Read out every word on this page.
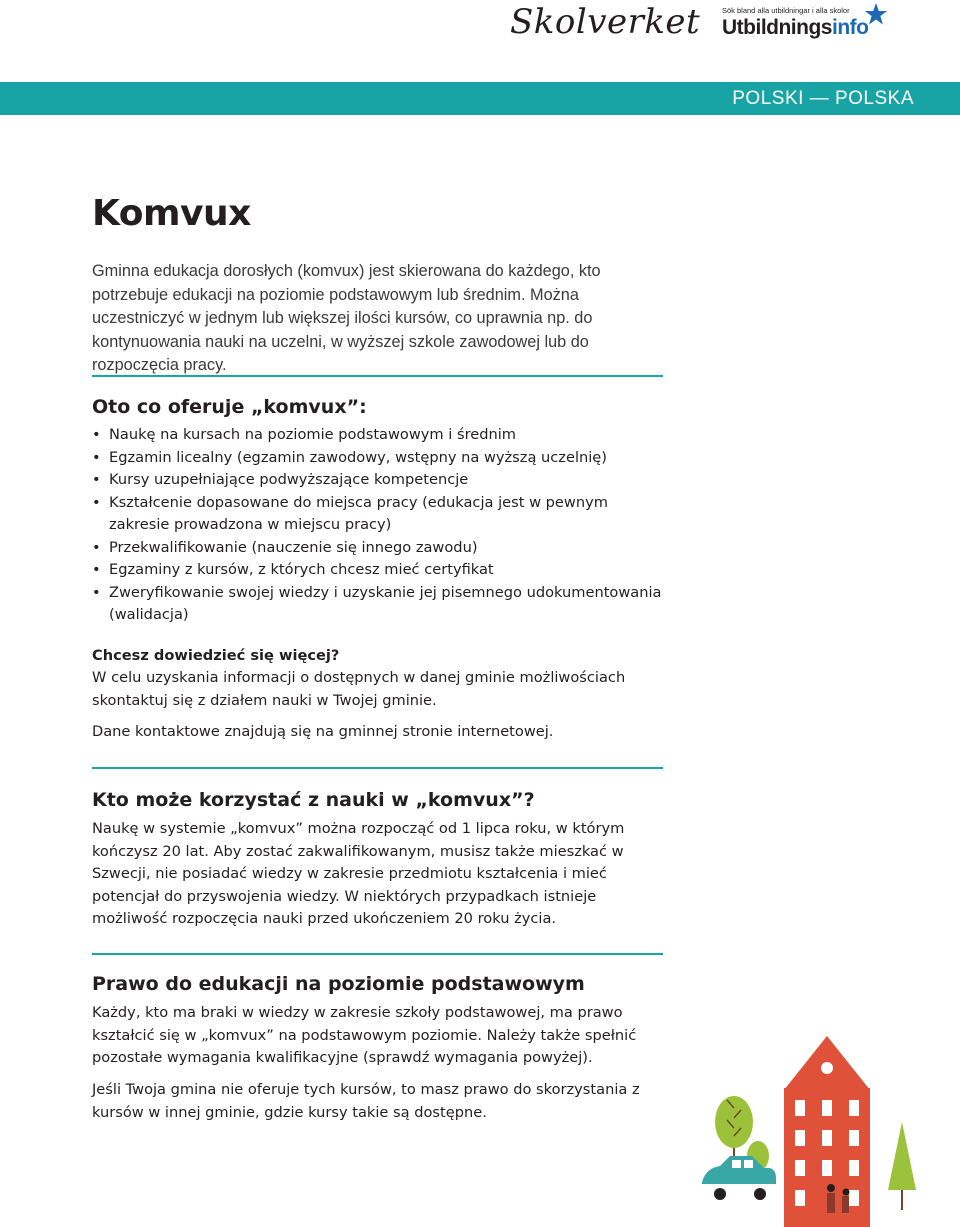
Skolverket	Sök bland alla utbildningar i alla skolor
Utbildningsinfo
POLSKI — POLSKA
Komvux

Gminna edukacja dorosłych (komvux) jest skierowana do każdego, kto potrzebuje edukacji na poziomie podstawowym lub średnim. Można uczestniczyć w jednym lub większej ilości kursów, co uprawnia np. do kontynuowania nauki na uczelni, w wyższej szkole zawodowej lub do rozpoczęcia pracy.

Oto co oferuje „komvux”:
• Naukę na kursach na poziomie podstawowym i średnim
• Egzamin licealny (egzamin zawodowy, wstępny na wyższą uczelnię)
• Kursy uzupełniające podwyższające kompetencje
• Kształcenie dopasowane do miejsca pracy (edukacja jest w pewnym zakresie prowadzona w miejscu pracy)
• Przekwalifikowanie (nauczenie się innego zawodu)
• Egzaminy z kursów, z których chcesz mieć certyfikat
• Zweryfikowanie swojej wiedzy i uzyskanie jej pisemnego udokumentowania (walidacja)

Chcesz dowiedzieć się więcej?

W celu uzyskania informacji o dostępnych w danej gminie możliwościach skontaktuj się z działem nauki w Twojej gminie.

Dane kontaktowe znajdują się na gminnej stronie internetowej.

Kto może korzystać z nauki w „komvux”?

Naukę w systemie „komvux” można rozpocząć od 1 lipca roku, w którym kończysz 20 lat. Aby zostać zakwalifikowanym, musisz także mieszkać w Szwecji, nie posiadać wiedzy w zakresie przedmiotu kształcenia i mieć potencjał do przyswojenia wiedzy. W niektórych przypadkach istnieje możliwość rozpoczęcia nauki przed ukończeniem 20 roku życia.

Prawo do edukacji na poziomie podstawowym

Każdy, kto ma braki w wiedzy w zakresie szkoły podstawowej, ma prawo kształcić się w „komvux” na podstawowym poziomie. Należy także spełnić pozostałe wymagania kwalifikacyjne (sprawdź wymagania powyżej).

Jeśli Twoja gmina nie oferuje tych kursów, to masz prawo do skorzystania z kursów w innej gminie, gdzie kursy takie są dostępne.
